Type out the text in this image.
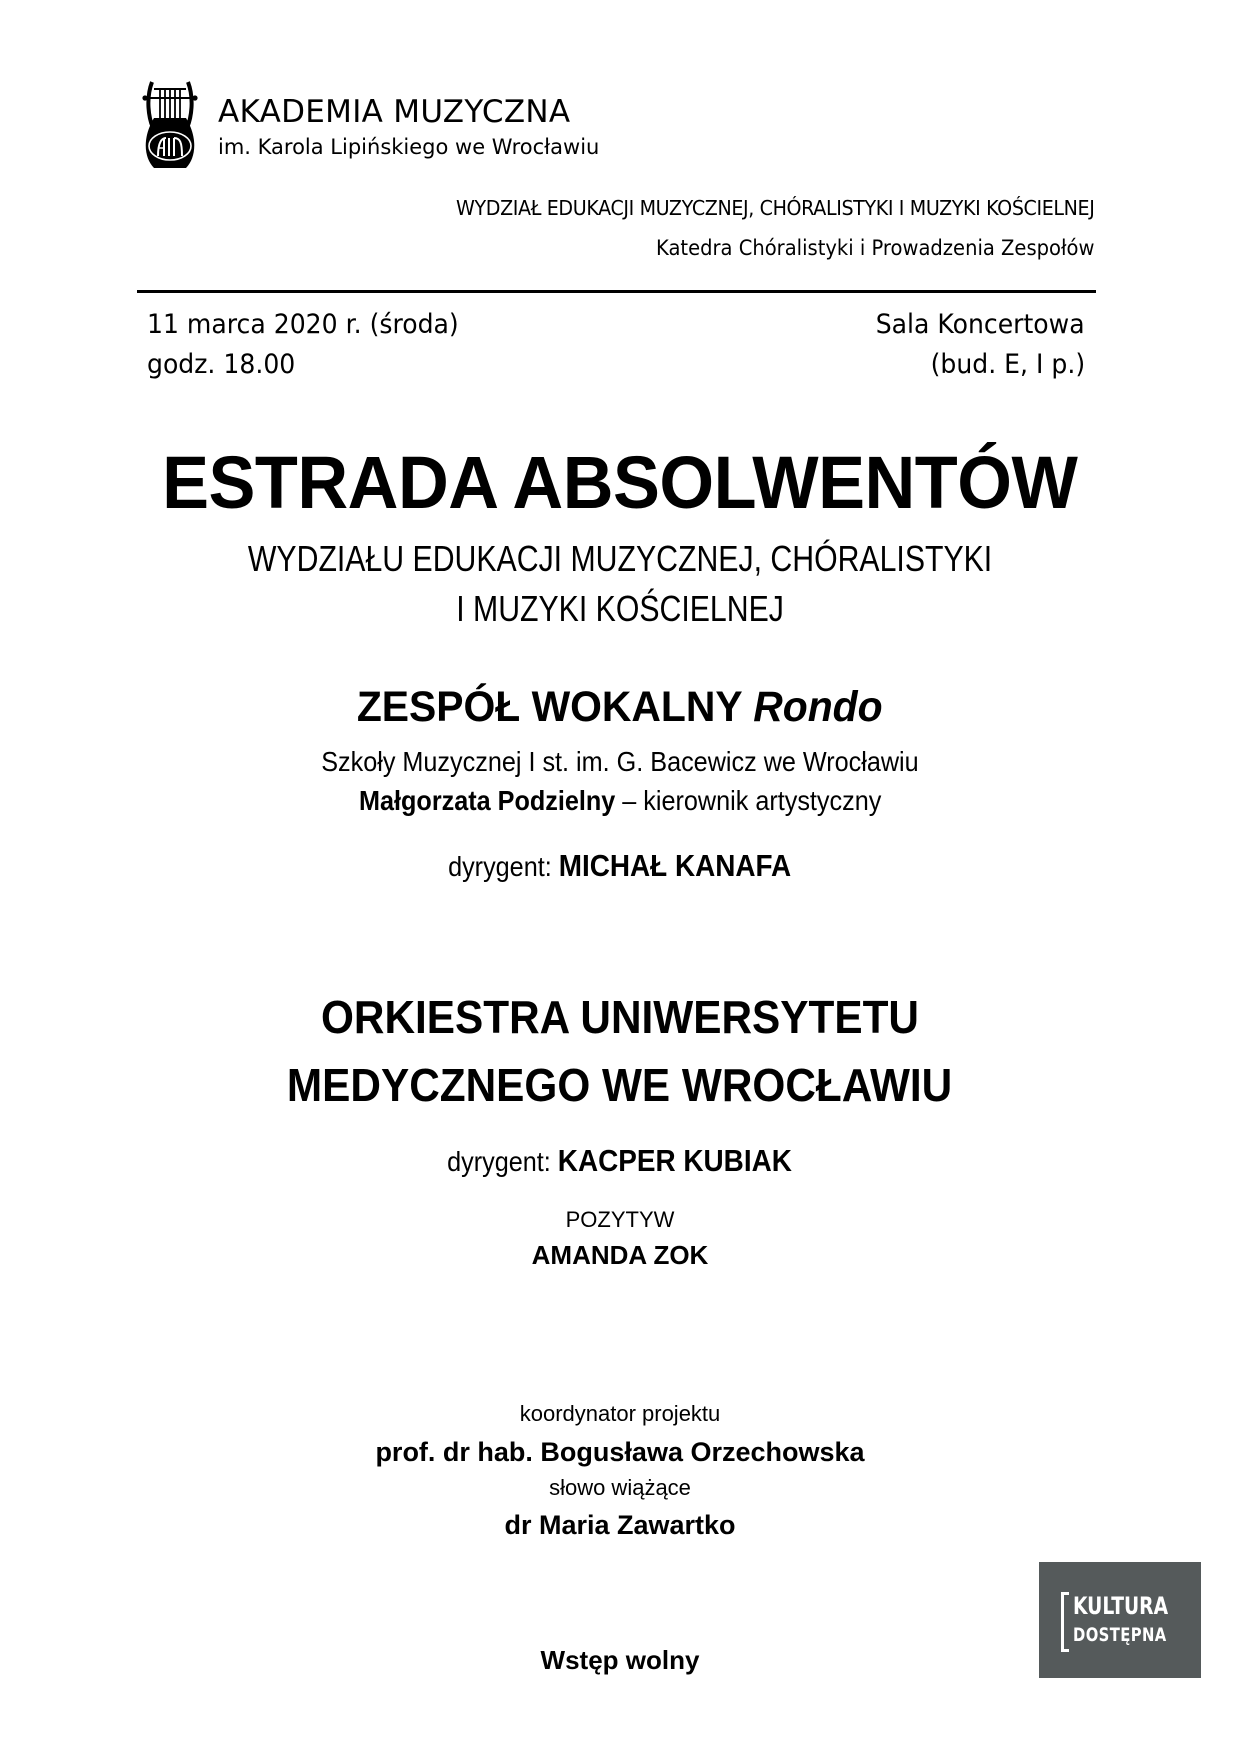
AKADEMIA MUZYCZNA
im. Karola Lipińskiego we Wrocławiu
WYDZIAŁ EDUKACJI MUZYCZNEJ, CHÓRALISTYKI I MUZYKI KOŚCIELNEJ
Katedra Chóralistyki i Prowadzenia Zespołów
11 marca 2020 r. (środa)
godz. 18.00
Sala Koncertowa
(bud. E, I p.)
ESTRADA ABSOLWENTÓW
WYDZIAŁU EDUKACJI MUZYCZNEJ, CHÓRALISTYKI
I MUZYKI KOŚCIELNEJ
ZESPÓŁ WOKALNY Rondo
Szkoły Muzycznej I st. im. G. Bacewicz we Wrocławiu
Małgorzata Podzielny – kierownik artystyczny
dyrygent: MICHAŁ KANAFA
ORKIESTRA UNIWERSYTETU
MEDYCZNEGO WE WROCŁAWIU
dyrygent: KACPER KUBIAK
POZYTYW
AMANDA ZOK
koordynator projektu
prof. dr hab. Bogusława Orzechowska
słowo wiążące
dr Maria Zawartko
Wstęp wolny
KULTURA
DOSTĘPNA
